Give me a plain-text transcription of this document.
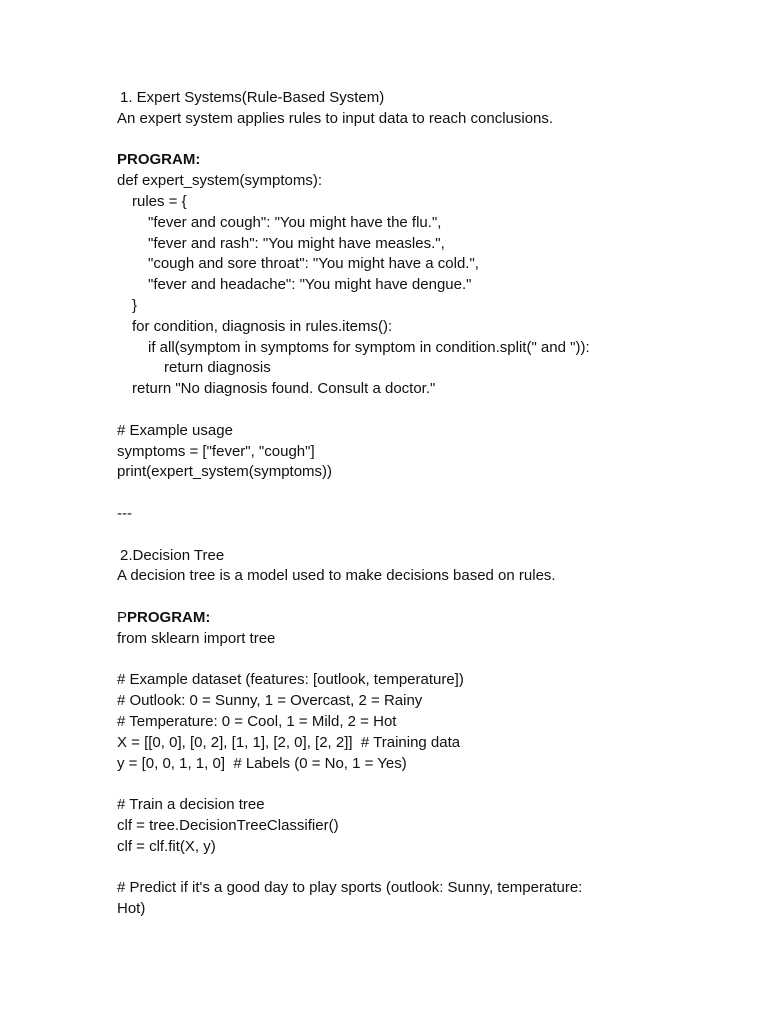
1. Expert Systems(Rule-Based System)
An expert system applies rules to input data to reach conclusions.
PROGRAM:
def expert_system(symptoms):
rules = {
"fever and cough": "You might have the flu.",
"fever and rash": "You might have measles.",
"cough and sore throat": "You might have a cold.",
"fever and headache": "You might have dengue."
}
for condition, diagnosis in rules.items():
if all(symptom in symptoms for symptom in condition.split(" and ")):
return diagnosis
return "No diagnosis found. Consult a doctor."
# Example usage
symptoms = ["fever", "cough"]
print(expert_system(symptoms))
---
2.Decision Tree
A decision tree is a model used to make decisions based on rules.
PPROGRAM:
from sklearn import tree
# Example dataset (features: [outlook, temperature])
# Outlook: 0 = Sunny, 1 = Overcast, 2 = Rainy
# Temperature: 0 = Cool, 1 = Mild, 2 = Hot
X = [[0, 0], [0, 2], [1, 1], [2, 0], [2, 2]]  # Training data
y = [0, 0, 1, 1, 0]  # Labels (0 = No, 1 = Yes)
# Train a decision tree
clf = tree.DecisionTreeClassifier()
clf = clf.fit(X, y)
# Predict if it's a good day to play sports (outlook: Sunny, temperature:
Hot)
